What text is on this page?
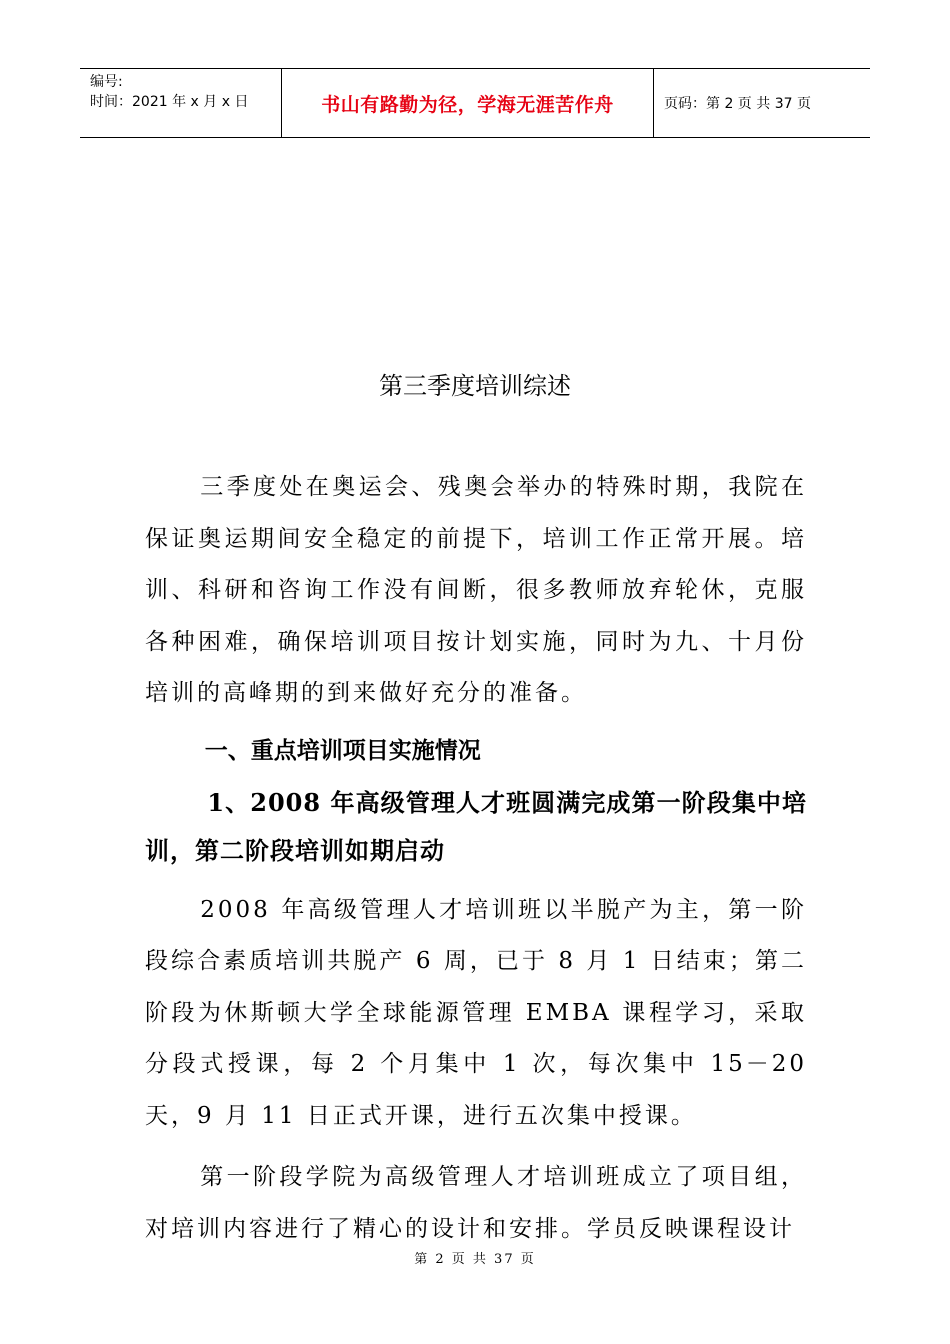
编号:
时间：2021 年 x 月 x 日	书山有路勤为径，学海无涯苦作舟	页码：第 2 页 共 37 页
第三季度培训综述

三季度处在奥运会、残奥会举办的特殊时期，我院在保证奥运期间安全稳定的前提下，培训工作正常开展。培训、科研和咨询工作没有间断，很多教师放弃轮休，克服各种困难，确保培训项目按计划实施，同时为九、十月份培训的高峰期的到来做好充分的准备。

一、重点培训项目实施情况

1、2008 年高级管理人才班圆满完成第一阶段集中培训，第二阶段培训如期启动

2008 年高级管理人才培训班以半脱产为主，第一阶段综合素质培训共脱产 6 周，已于 8 月 1 日结束；第二阶段为休斯顿大学全球能源管理 EMBA 课程学习，采取分段式授课，每 2 个月集中 1 次，每次集中 15－20 天，9 月 11 日正式开课，进行五次集中授课。

第一阶段学院为高级管理人才培训班成立了项目组，对培训内容进行了精心的设计和安排。学员反映课程设计

第 2 页 共 37 页
